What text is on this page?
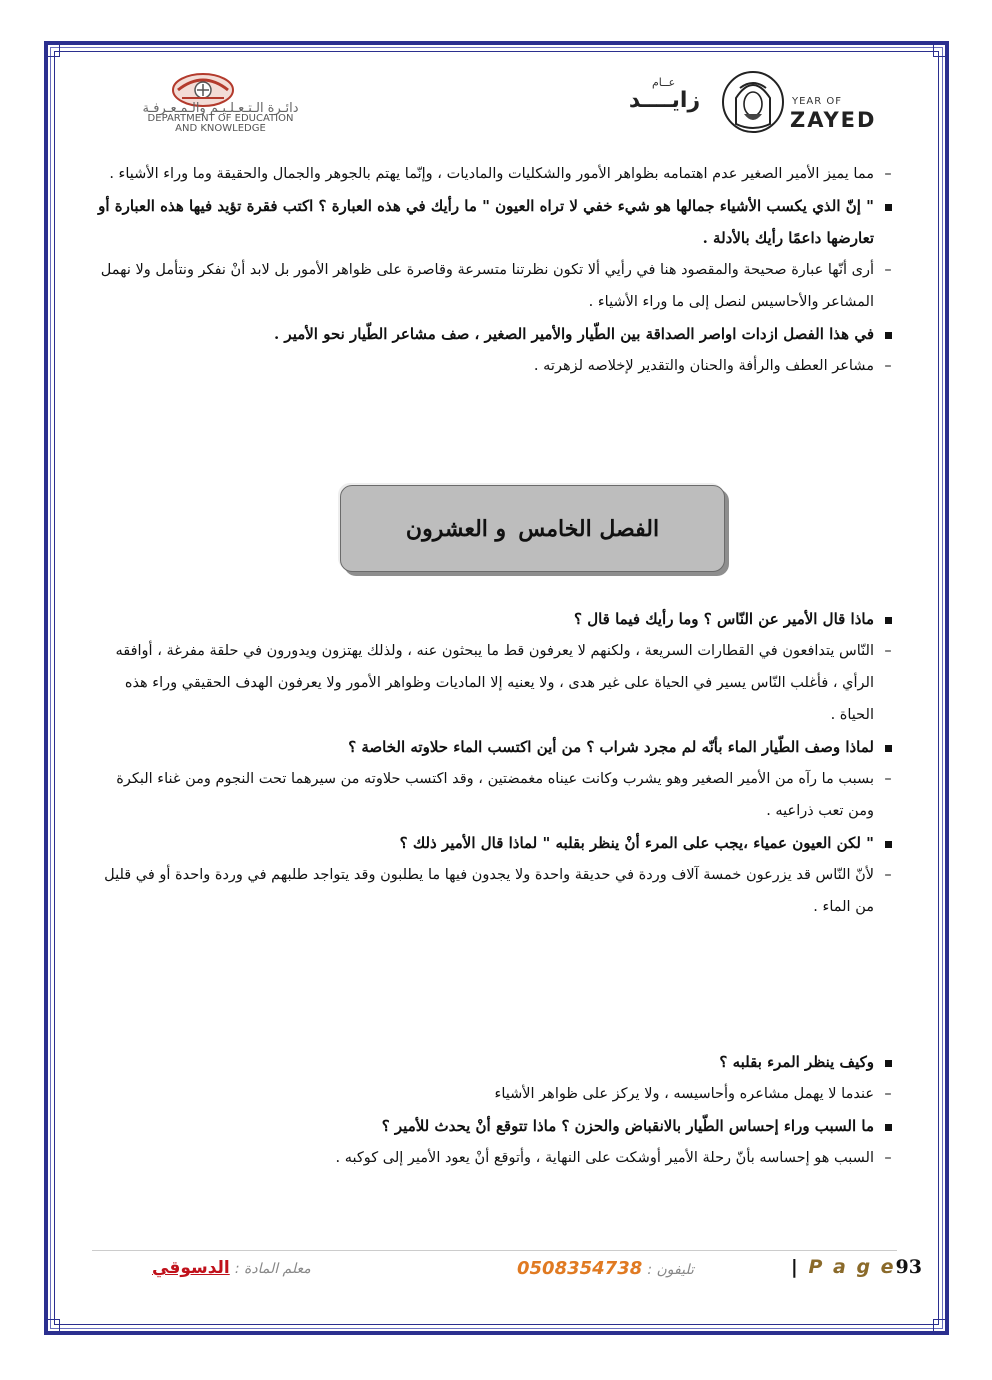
دائـرة الـتـعـلـيـم والـمـعـرفـة
DEPARTMENT OF EDUCATION
AND KNOWLEDGE
عــام
زايــــد	YEAR OF
ZAYED
–
مما يميز الأمير الصغير عدم اهتمامه بظواهر الأمور والشكليات والماديات ، وإنّما يهتم بالجوهر والجمال والحقيقة وما وراء الأشياء .
" إنّ الذي يكسب الأشياء جمالها هو شيء خفي لا تراه العيون " ما رأيك في هذه العبارة ؟ اكتب فقرة تؤيد فيها هذه العبارة أو تعارضها داعمًا رأيك بالأدلة .
–
أرى أنّها عبارة صحيحة والمقصود هنا في رأيي ألا تكون نظرتنا متسرعة وقاصرة على ظواهر الأمور بل لابد أنْ نفكر ونتأمل ولا نهمل المشاعر والأحاسيس لنصل إلى ما وراء الأشياء .
في هذا الفصل ازدات اواصر الصداقة بين الطّيار والأمير الصغير ، صف مشاعر الطّيار نحو الأمير .
–
مشاعر العطف والرأفة والحنان والتقدير لإخلاصه لزهرته .
الفصل الخامس
و العشرون
ماذا قال الأمير عن النّاس ؟ وما رأيك فيما قال ؟
–
النّاس يتدافعون في القطارات السريعة ، ولكنهم لا يعرفون قط ما يبحثون عنه ، ولذلك يهتزون ويدورون في حلقة مفرغة ، أوافقه الرأي ، فأغلب النّاس يسير في الحياة على غير هدى ، ولا يعنيه إلا الماديات وظواهر الأمور ولا يعرفون الهدف الحقيقي وراء هذه الحياة .
لماذا وصف الطّيار الماء بأنّه لم مجرد شراب ؟ من أين اكتسب الماء حلاوته الخاصة ؟
–
بسبب ما رآه من الأمير الصغير وهو يشرب وكانت عيناه مغمضتين ، وقد اكتسب حلاوته من سيرهما تحت النجوم ومن غناء البكرة ومن تعب ذراعيه .
" لكن العيون عمياء ،يجب على المرء أنْ ينظر بقلبه " لماذا قال الأمير ذلك ؟
–
لأنّ النّاس قد يزرعون خمسة آلاف وردة في حديقة واحدة ولا يجدون فيها ما يطلبون وقد يتواجد طلبهم في وردة واحدة أو في قليل من الماء .
وكيف ينظر المرء بقلبه ؟
–
عندما لا يهمل مشاعره وأحاسيسه ، ولا يركز على ظواهر الأشياء
ما السبب وراء إحساس الطّيار بالانقباض والحزن ؟ ماذا تتوقع أنْ يحدث للأمير ؟
–
السبب هو إحساسه بأنّ رحلة الأمير أوشكت على النهاية ، وأتوقع أنْ يعود الأمير إلى كوكبه .
معلم المادة : الدسوقي	تليفون : 0508354738	| P a g e93
